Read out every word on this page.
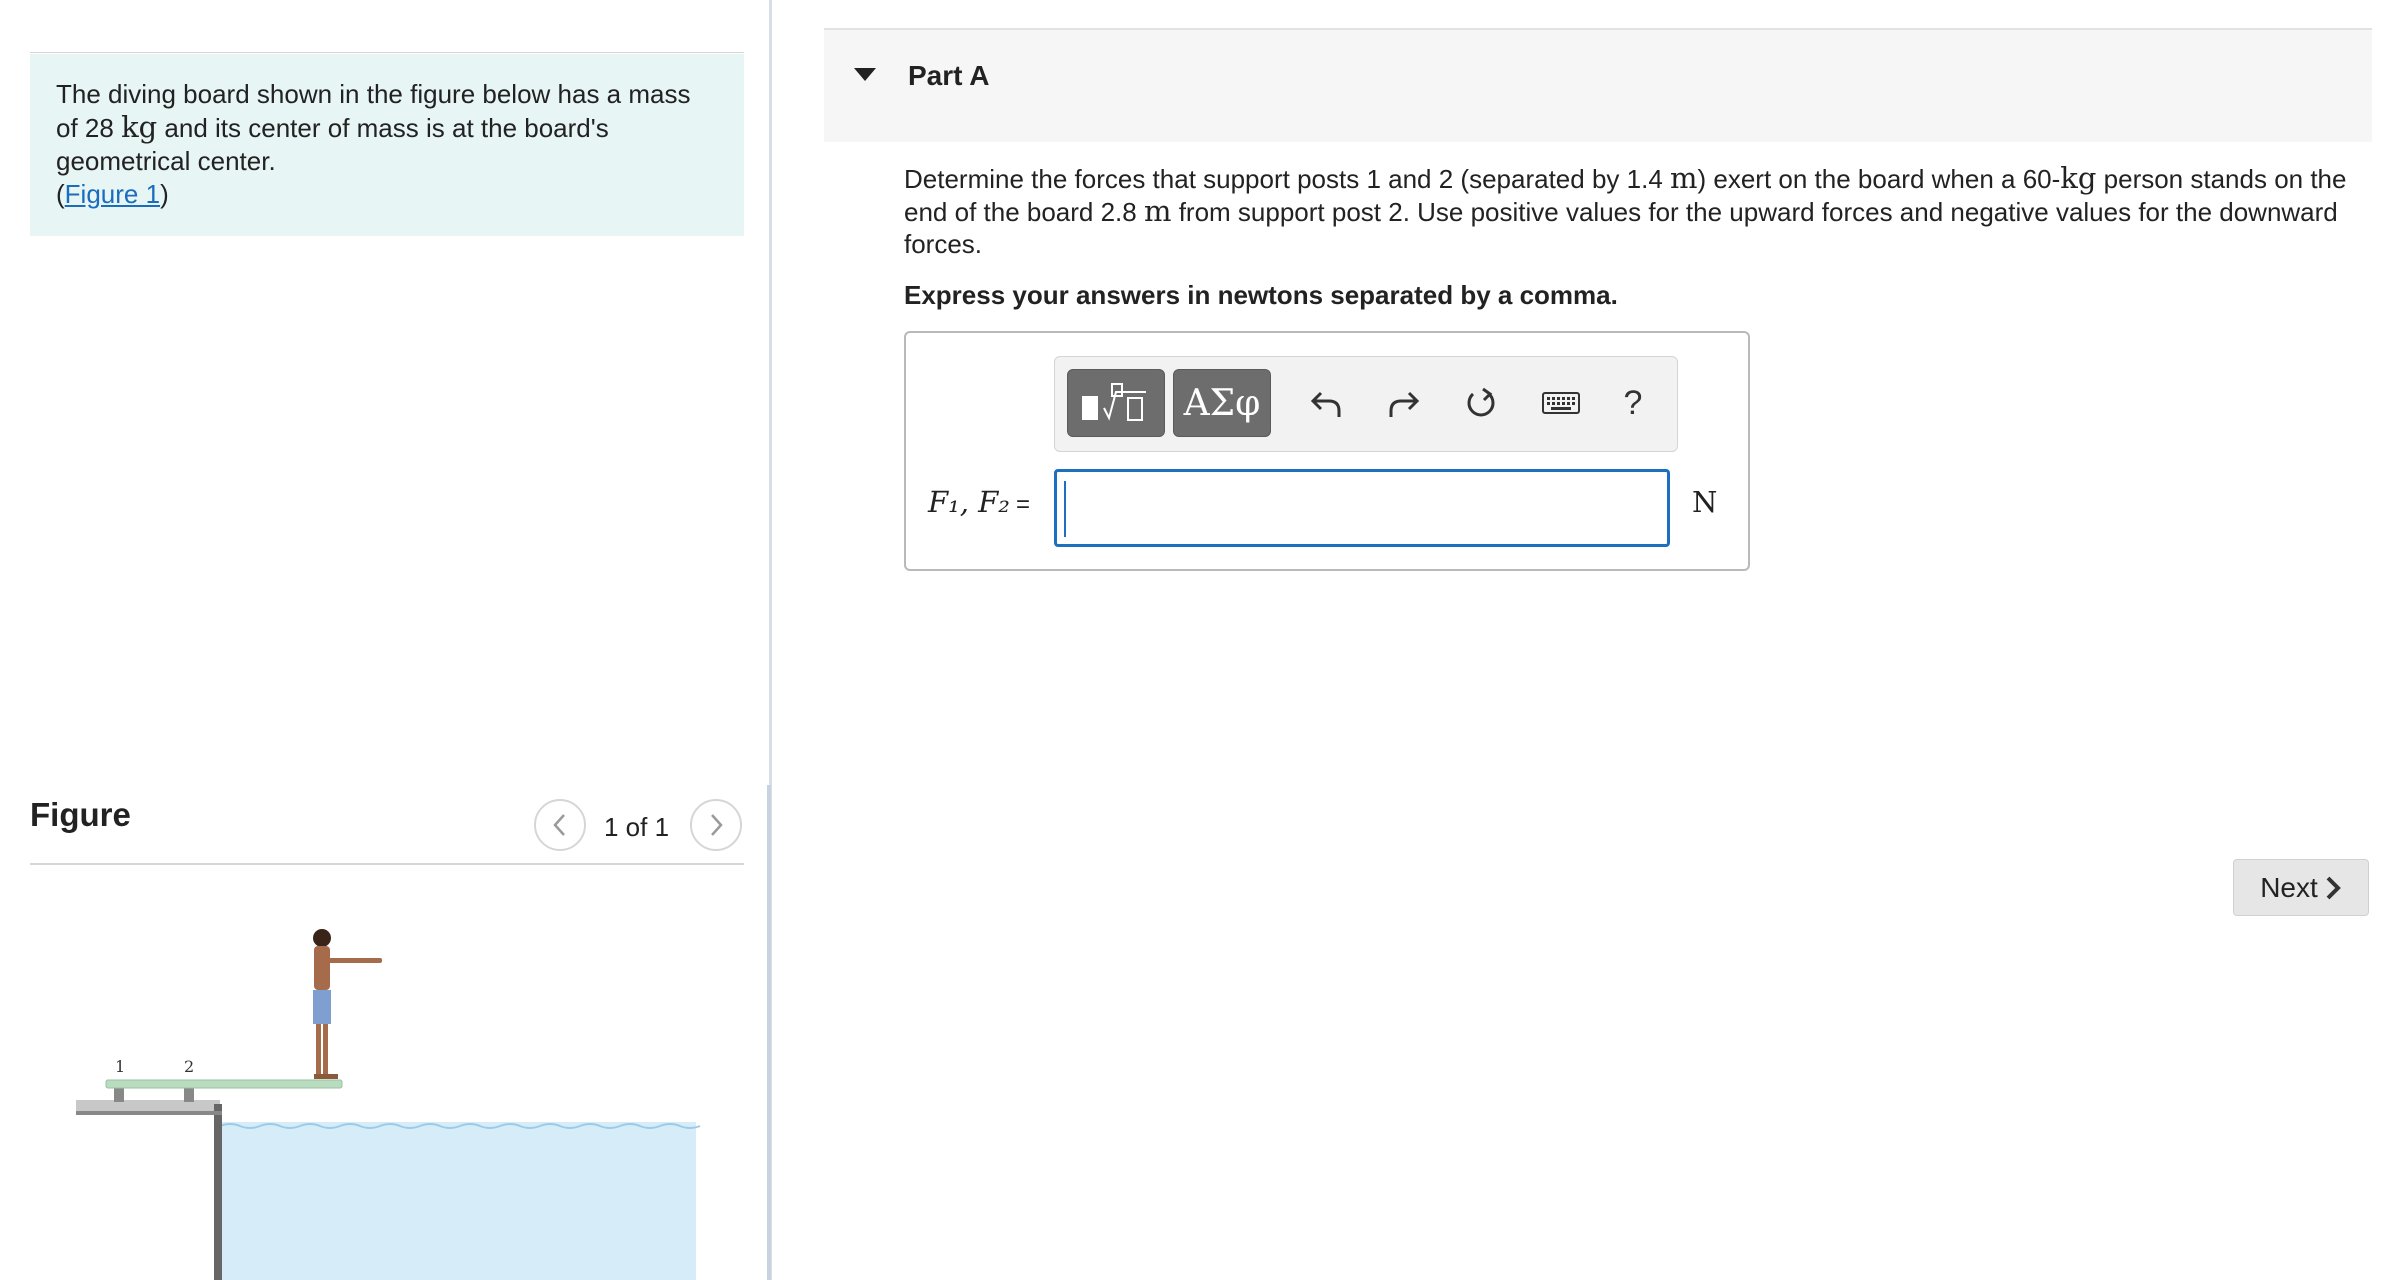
The diving board shown in the figure below has a mass of 28 kg and its center of mass is at the board's geometrical center.
(Figure 1)
Figure	1 of 1
1	2
Part A
Determine the forces that support posts 1 and 2 (separated by 1.4 m) exert on the board when a 60-kg person stands on the end of the board 2.8 m from support post 2. Use positive values for the upward forces and negative values for the downward forces.
Express your answers in newtons separated by a comma.
ΑΣφ	?
F₁, F₂ =	N
Next
